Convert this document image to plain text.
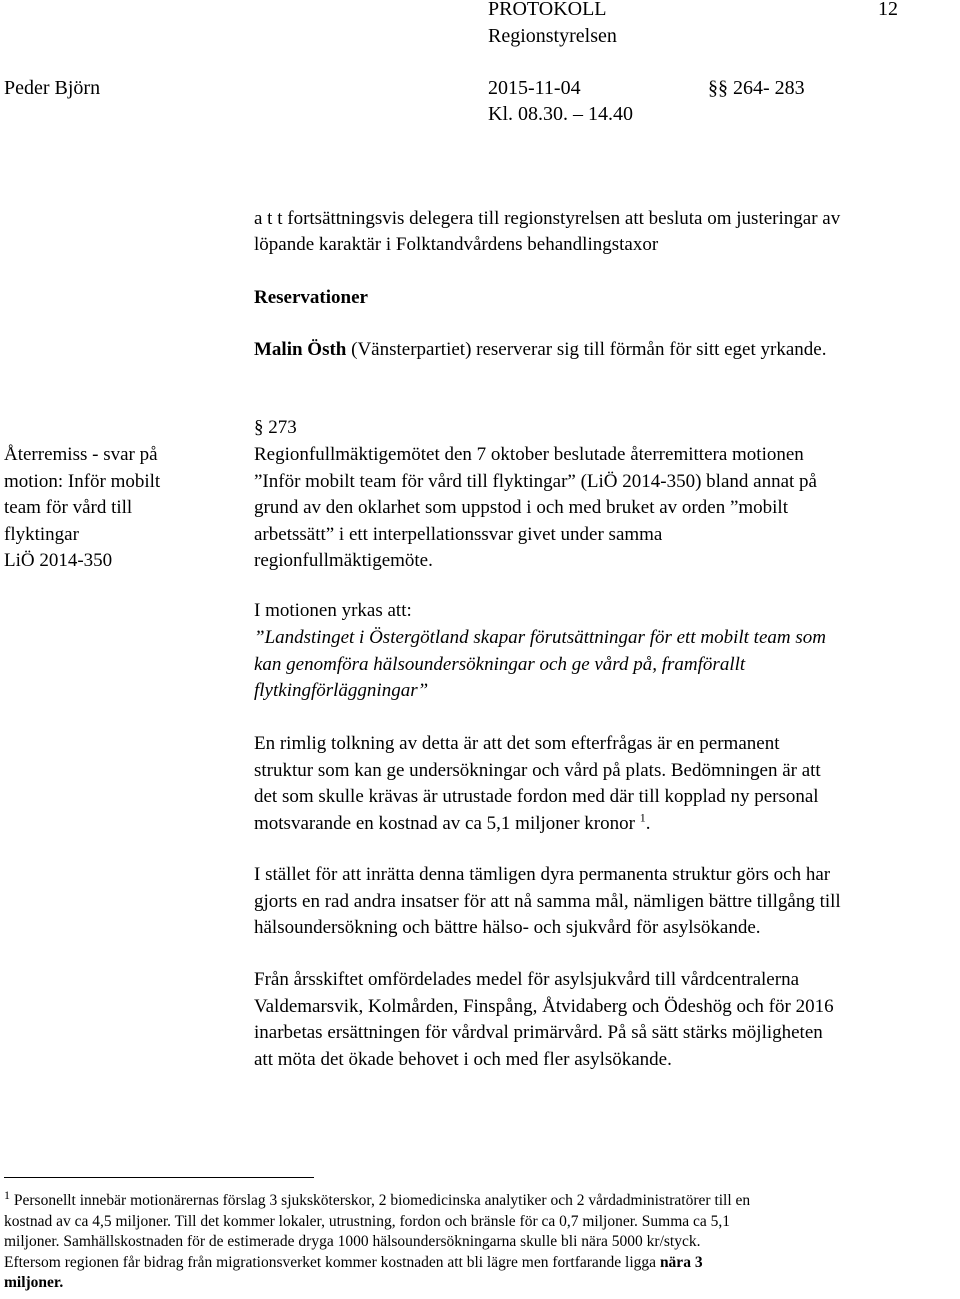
PROTOKOLL	12
Regionstyrelsen
Peder Björn	2015-11-04	§§ 264- 283
Kl. 08.30. – 14.40
a t t fortsättningsvis delegera till regionstyrelsen att besluta om justeringar av
löpande karaktär i Folktandvårdens behandlingstaxor
Reservationer
Malin Östh (Vänsterpartiet) reserverar sig till förmån för sitt eget yrkande.
Återremiss - svar på
motion: Inför mobilt
team för vård till
flyktingar
LiÖ 2014-350
§ 273
Regionfullmäktigemötet den 7 oktober beslutade återremittera motionen
”Inför mobilt team för vård till flyktingar” (LiÖ 2014-350) bland annat på
grund av den oklarhet som uppstod i och med bruket av orden ”mobilt
arbetssätt” i ett interpellationssvar givet under samma
regionfullmäktigemöte.
I motionen yrkas att:
”Landstinget i Östergötland skapar förutsättningar för ett mobilt team som
kan genomföra hälsoundersökningar och ge vård på, framförallt
flytkingförläggningar”
En rimlig tolkning av detta är att det som efterfrågas är en permanent
struktur som kan ge undersökningar och vård på plats. Bedömningen är att
det som skulle krävas är utrustade fordon med där till kopplad ny personal
motsvarande en kostnad av ca 5,1 miljoner kronor $^1$.
I stället för att inrätta denna tämligen dyra permanenta struktur görs och har
gjorts en rad andra insatser för att nå samma mål, nämligen bättre tillgång till
hälsoundersökning och bättre hälso- och sjukvård för asylsökande.
Från årsskiftet omfördelades medel för asylsjukvård till vårdcentralerna
Valdemarsvik, Kolmården, Finspång, Åtvidaberg och Ödeshög och för 2016
inarbetas ersättningen för vårdval primärvård. På så sätt stärks möjligheten
att möta det ökade behovet i och med fler asylsökande.
$^1$ Personellt innebär motionärernas förslag 3 sjuksköterskor, 2 biomedicinska analytiker och 2 vårdadministratörer till en
kostnad av ca 4,5 miljoner. Till det kommer lokaler, utrustning, fordon och bränsle för ca 0,7 miljoner. Summa ca 5,1
miljoner. Samhällskostnaden för de estimerade dryga 1000 hälsoundersökningarna skulle bli nära 5000 kr/styck.
Eftersom regionen får bidrag från migrationsverket kommer kostnaden att bli lägre men fortfarande ligga nära 3
miljoner.
